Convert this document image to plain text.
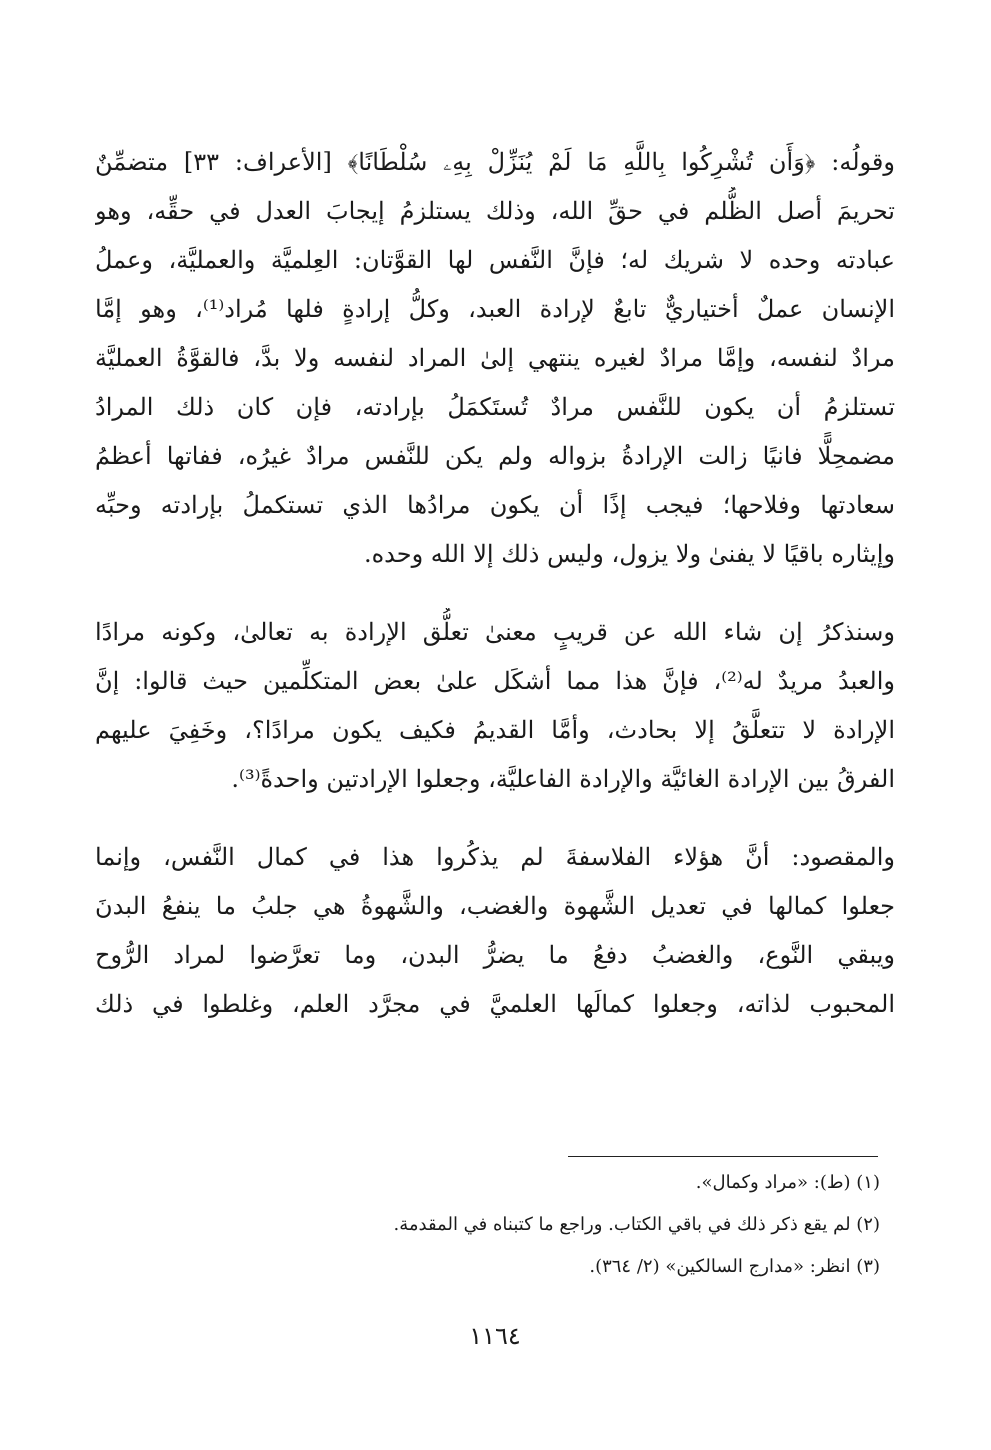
وقولُه: ﴿وَأَن تُشْرِكُوا بِاللَّهِ مَا لَمْ يُنَزِّلْ بِهِۦ سُلْطَانًا﴾ [الأعراف: ٣٣] متضمِّنٌ
تحريمَ أصل الظُّلم في حقِّ الله، وذلك يستلزمُ إيجابَ العدل في حقِّه، وهو
عبادته وحده لا شريك له؛ فإنَّ النَّفس لها القوَّتان: العِلميَّة والعمليَّة، وعملُ
الإنسان عملٌ أختياريٌّ تابعٌ لإرادة العبد، وكلُّ إرادةٍ فلها مُراد⁽¹⁾، وهو إمَّا
مرادٌ لنفسه، وإمَّا مرادٌ لغيره ينتهي إلىٰ المراد لنفسه ولا بدَّ، فالقوَّةُ العمليَّة
تستلزمُ أن يكون للنَّفس مرادٌ تُستَكمَلُ بإرادته، فإن كان ذلك المرادُ
مضمحِلًّا فانيًا زالت الإرادةُ بزواله ولم يكن للنَّفس مرادٌ غيرُه، ففاتها أعظمُ
سعادتها وفلاحها؛ فيجب إذًا أن يكون مرادُها الذي تستكملُ بإرادته وحبِّه
وإيثاره باقيًا لا يفنىٰ ولا يزول، وليس ذلك إلا الله وحده.
وسنذكرُ إن شاء الله عن قريبٍ معنىٰ تعلُّق الإرادة به تعالىٰ، وكونه مرادًا
والعبدُ مريدٌ له⁽²⁾، فإنَّ هذا مما أشكَل علىٰ بعض المتكلِّمين حيث قالوا: إنَّ
الإرادة لا تتعلَّقُ إلا بحادث، وأمَّا القديمُ فكيف يكون مرادًا؟، وخَفِيَ عليهم
الفرقُ بين الإرادة الغائيَّة والإرادة الفاعليَّة، وجعلوا الإرادتين واحدةً⁽³⁾.
والمقصود: أنَّ هؤلاء الفلاسفةَ لم يذكُروا هذا في كمال النَّفس، وإنما
جعلوا كمالها في تعديل الشَّهوة والغضب، والشَّهوةُ هي جلبُ ما ينفعُ البدنَ
ويبقي النَّوع، والغضبُ دفعُ ما يضرُّ البدن، وما تعرَّضوا لمراد الرُّوح
المحبوب لذاته، وجعلوا كمالَها العلميَّ في مجرَّد العلم، وغلطوا في ذلك
(١) (ط): «مراد وكمال».
(٢) لم يقع ذكر ذلك في باقي الكتاب. وراجع ما كتبناه في المقدمة.
(٣) انظر: «مدارج السالكين» (٢/ ٣٦٤).
١١٦٤
